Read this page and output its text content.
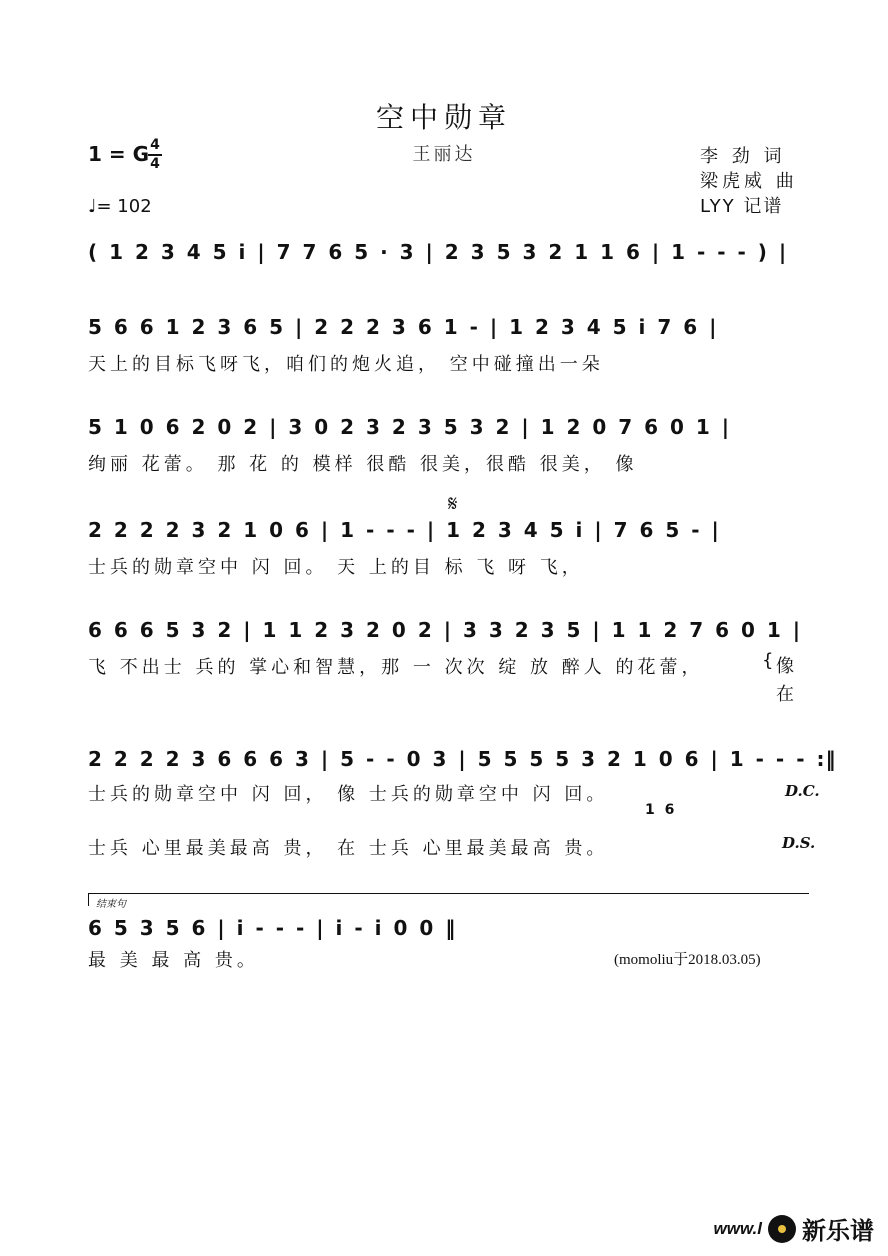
空中勋章
王丽达
1 = G 4
4
♩= 102
李 劲 词
梁虎威 曲
LYY 记谱
( 1 2 3 4 5 i | 7 7 6 5 · 3 | 2 3 5 3 2 1 1 6 | 1 - - - ) |
5 6 6 1 2 3 6 5 | 2 2 2 3 6 1 - | 1 2 3 4 5 i 7 6 |
天上的目标飞呀飞，咱们的炮火追， 空中碰撞出一朵
5 1 0 6 2 0 2 | 3 0 2 3 2 3 5 3 2 | 1 2 0 7 6 0 1 |
绚丽 花蕾。 那 花 的 模样 很酷 很美，很酷 很美， 像
𝄋
2 2 2 2 3 2 1 0 6 | 1 - - - | 1 2 3 4 5 i | 7 6 5 - |
士兵的勋章空中 闪 回。 天 上的目 标 飞 呀 飞，
6 6 6 5 3 2 | 1 1 2 3 2 0 2 | 3 3 2 3 5 | 1 1 2 7 6 0 1 |
飞 不出士 兵的 掌心和智慧，那 一 次次 绽 放 醉人 的花蕾，	{ 像
在
2 2 2 2 3 6 6 6 3 | 5 - - 0 3 | 5 5 5 5 3 2 1 0 6 | 1 - - - :‖
士兵的勋章空中 闪 回， 像 士兵的勋章空中 闪 回。	D.C.
1 6
士兵 心里最美最高 贵， 在 士兵 心里最美最高 贵。	D.S.
结束句
6 5 3 5 6 | i - - - | i - i 0 0 ‖
最 美 最 高 贵。	(momoliu于2018.03.05)
www.l 新乐谱
